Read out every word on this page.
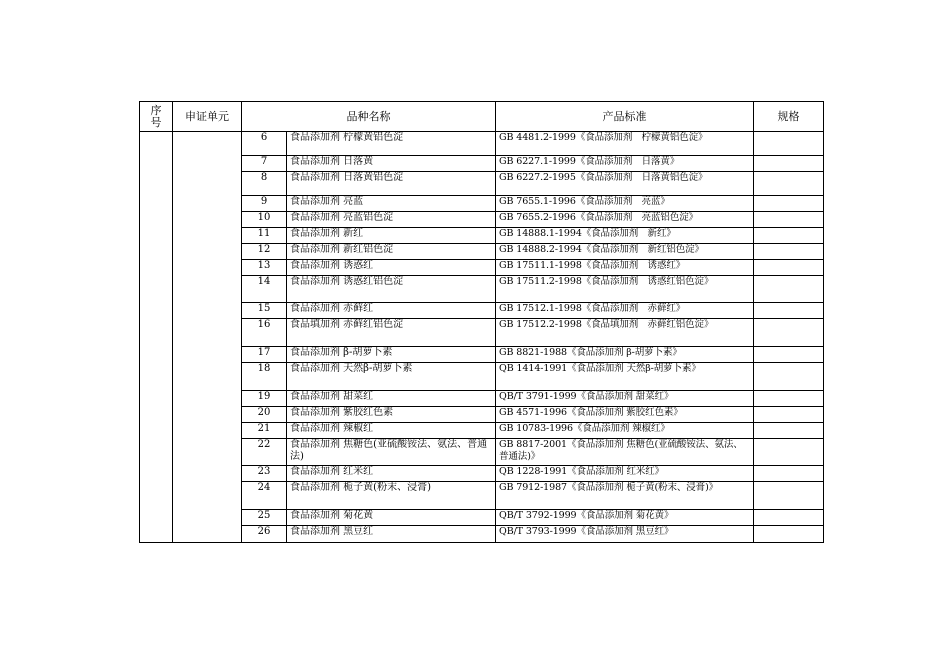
序号	申证单元	品种名称		产品标准	规格
		6	食品添加剂 柠檬黄铝色淀	GB 4481.2-1999《食品添加剂　柠檬黄铝色淀》	
		7	食品添加剂 日落黄	GB 6227.1-1999《食品添加剂　日落黄》	
		8	食品添加剂 日落黄铝色淀	GB 6227.2-1995《食品添加剂　日落黄铝色淀》	
		9	食品添加剂 亮蓝	GB 7655.1-1996《食品添加剂　亮蓝》	
		10	食品添加剂 亮蓝铝色淀	GB 7655.2-1996《食品添加剂　亮蓝铝色淀》	
		11	食品添加剂 新红	GB 14888.1-1994《食品添加剂　新红》	
		12	食品添加剂 新红铝色淀	GB 14888.2-1994《食品添加剂　新红铝色淀》	
		13	食品添加剂 诱惑红	GB 17511.1-1998《食品添加剂　诱惑红》	
		14	食品添加剂 诱惑红铝色淀	GB 17511.2-1998《食品添加剂　诱惑红铝色淀》	
		15	食品添加剂 赤藓红	GB 17512.1-1998《食品添加剂　赤藓红》	
		16	食品填加剂 赤藓红铝色淀	GB 17512.2-1998《食品填加剂　赤藓红铝色淀》	
		17	食品添加剂 β-胡萝卜素	GB 8821-1988《食品添加剂 β-胡萝卜素》	
		18	食品添加剂 天然β-胡萝卜素	QB 1414-1991《食品添加剂 天然β-胡萝卜素》	
		19	食品添加剂 甜菜红	QB/T 3791-1999《食品添加剂 甜菜红》	
		20	食品添加剂 紫胶红色素	GB 4571-1996《食品添加剂 紫胶红色素》	
		21	食品添加剂 辣椒红	GB 10783-1996《食品添加剂 辣椒红》	
		22	食品添加剂 焦糖色(亚硫酸铵法、氨法、普通法)	GB 8817-2001《食品添加剂 焦糖色(亚硫酸铵法、氨法、普通法)》	
		23	食品添加剂 红米红	QB 1228-1991《食品添加剂 红米红》	
		24	食品添加剂 栀子黄(粉末、浸膏)	GB 7912-1987《食品添加剂 栀子黄(粉末、浸膏)》	
		25	食品添加剂 菊花黄	QB/T 3792-1999《食品添加剂 菊花黄》	
		26	食品添加剂 黑豆红	QB/T 3793-1999《食品添加剂 黑豆红》	
